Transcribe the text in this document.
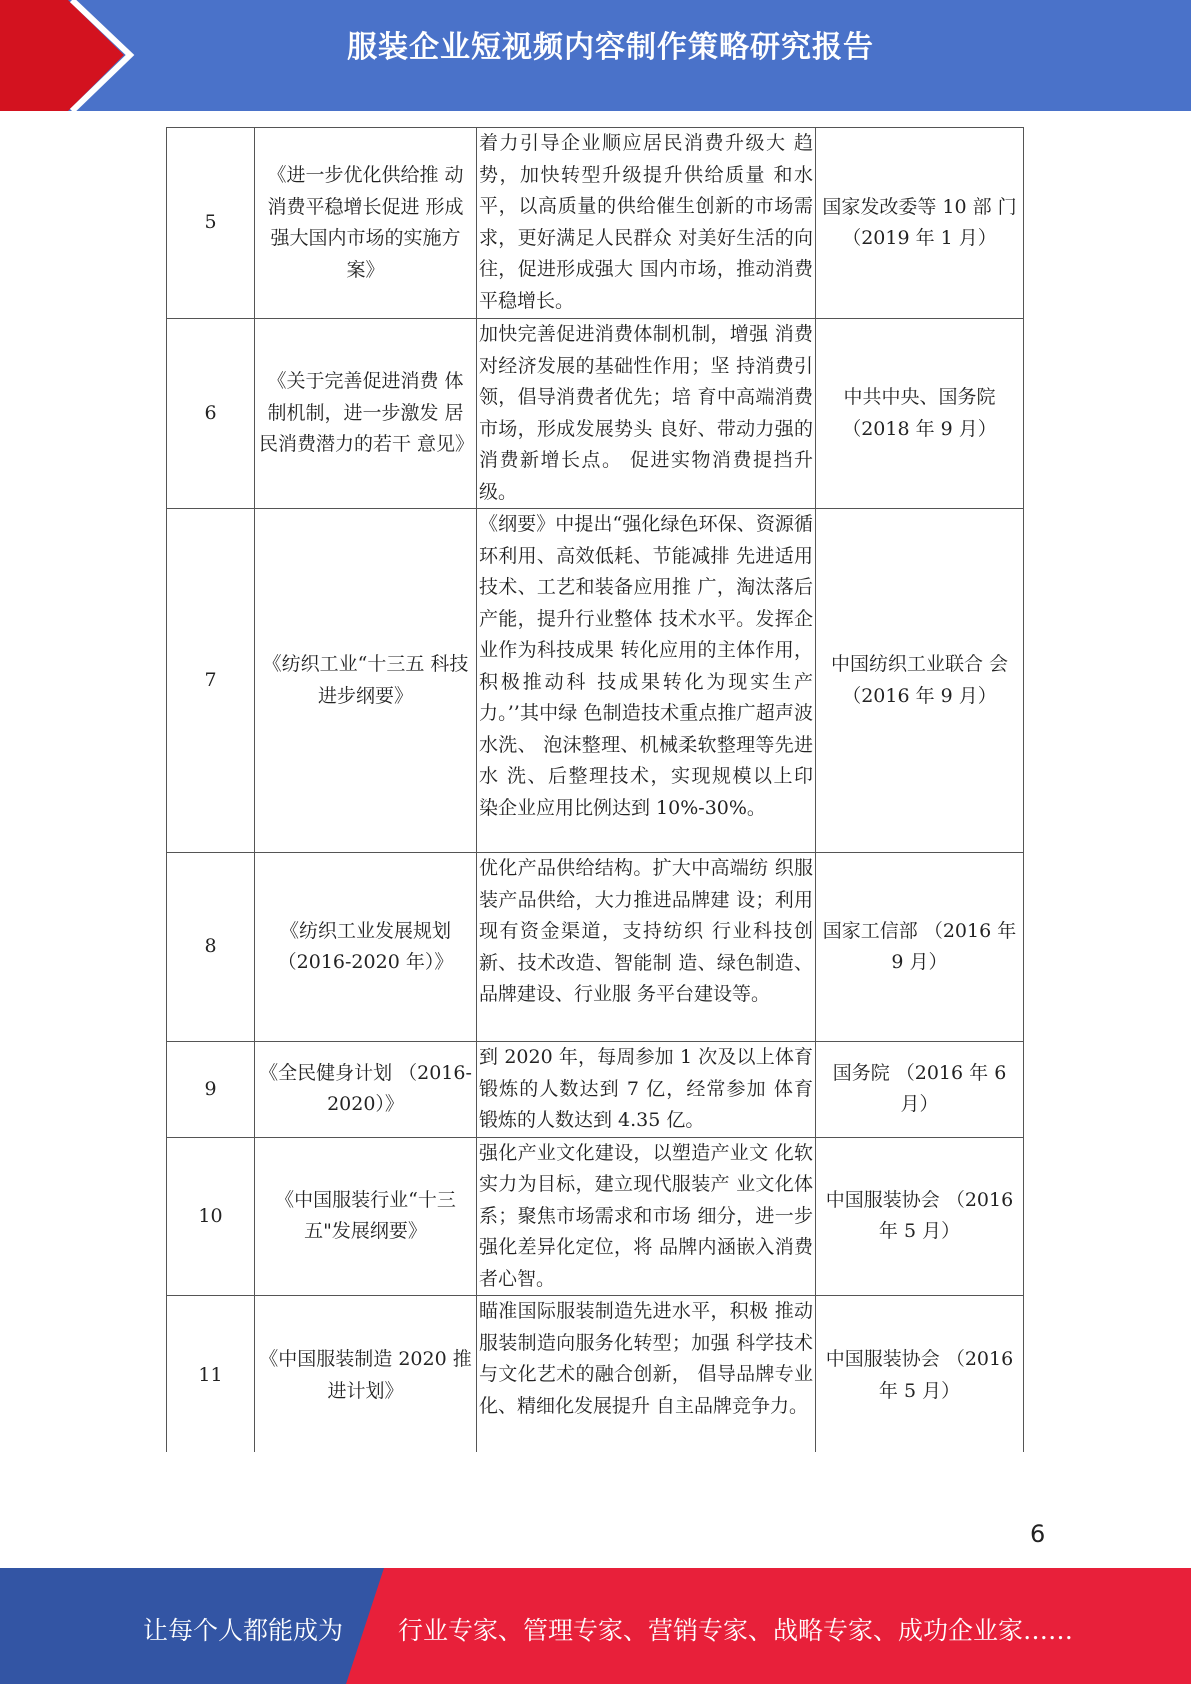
服装企业短视频内容制作策略研究报告
5	《进一步优化供给推 动消费平稳增长促进 形成强大国内市场的实施方案》	着力引导企业顺应居民消费升级大 趋势，加快转型升级提升供给质量 和水平，以高质量的供给催生创新的市场需求，更好满足人民群众 对美好生活的向往，促进形成强大 国内市场，推动消费平稳增长。	国家发改委等 10 部 门 （2019 年 1 月）
6	《关于完善促进消费 体制机制，进一步激发 居民消费潜力的若干 意见》	加快完善促进消费体制机制，增强 消费对经济发展的基础性作用；坚 持消费引领，倡导消费者优先；培 育中高端消费市场，形成发展势头 良好、带动力强的消费新增长点。 促进实物消费提挡升级。	中共中央、国务院 （2018 年 9 月）
7	《纺织工业“十三五 科技进步纲要》	《纲要》中提出“强化绿色环保、资源循环利用、高效低耗、节能减排 先进适用技术、工艺和装备应用推 广，淘汰落后产能，提升行业整体 技术水平。发挥企业作为科技成果 转化应用的主体作用，积极推动科 技成果转化为现实生产力。’’其中绿 色制造技术重点推广超声波水洗、 泡沫整理、机械柔软整理等先进水 洗、后整理技术，实现规模以上印 染企业应用比例达到 10%-30%。	中国纺织工业联合 会（2016 年 9 月）
8	《纺织工业发展规划 （2016-2020 年）》	优化产品供给结构。扩大中高端纺 织服装产品供给，大力推进品牌建 设；利用现有资金渠道，支持纺织 行业科技创新、技术改造、智能制 造、绿色制造、品牌建设、行业服 务平台建设等。	国家工信部 （2016 年 9 月）
9	《全民健身计划 （2016-2020）》	到 2020 年，每周参加 1 次及以上体育锻炼的人数达到 7 亿，经常参加 体育锻炼的人数达到 4.35 亿。	国务院 （2016 年 6 月）
10	《中国服装行业“十三 五"发展纲要》	强化产业文化建设，以塑造产业文 化软实力为目标，建立现代服装产 业文化体系；聚焦市场需求和市场 细分，进一步强化差异化定位，将 品牌内涵嵌入消费者心智。	中国服装协会 （2016 年 5 月）
11	《中国服装制造 2020 推进计划》	瞄准国际服装制造先进水平，积极 推动服装制造向服务化转型；加强 科学技术与文化艺术的融合创新， 倡导品牌专业化、精细化发展提升 自主品牌竞争力。	中国服装协会 （2016 年 5 月）
6
让每个人都能成为 行业专家、管理专家、营销专家、战略专家、成功企业家……
